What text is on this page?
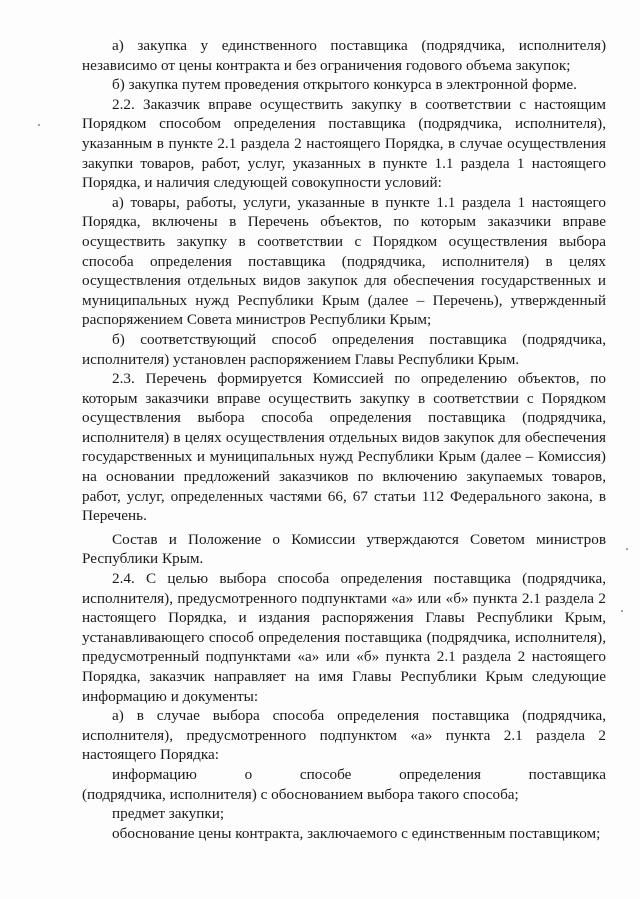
а) закупка у единственного поставщика (подрядчика, исполнителя) независимо от цены контракта и без ограничения годового объема закупок;

б) закупка путем проведения открытого конкурса в электронной форме.

2.2. Заказчик вправе осуществить закупку в соответствии с настоящим Порядком способом определения поставщика (подрядчика, исполнителя), указанным в пункте 2.1 раздела 2 настоящего Порядка, в случае осуществления закупки товаров, работ, услуг, указанных в пункте 1.1 раздела 1 настоящего Порядка, и наличия следующей совокупности условий:

а) товары, работы, услуги, указанные в пункте 1.1 раздела 1 настоящего Порядка, включены в Перечень объектов, по которым заказчики вправе осуществить закупку в соответствии с Порядком осуществления выбора способа определения поставщика (подрядчика, исполнителя) в целях осуществления отдельных видов закупок для обеспечения государственных и муниципальных нужд Республики Крым (далее – Перечень), утвержденный распоряжением Совета министров Республики Крым;

б) соответствующий способ определения поставщика (подрядчика, исполнителя) установлен распоряжением Главы Республики Крым.

2.3. Перечень формируется Комиссией по определению объектов, по которым заказчики вправе осуществить закупку в соответствии с Порядком осуществления выбора способа определения поставщика (подрядчика, исполнителя) в целях осуществления отдельных видов закупок для обеспечения государственных и муниципальных нужд Республики Крым (далее – Комиссия) на основании предложений заказчиков по включению закупаемых товаров, работ, услуг, определенных частями 66, 67 статьи 112 Федерального закона, в Перечень.

Состав и Положение о Комиссии утверждаются Советом министров Республики Крым.

2.4. С целью выбора способа определения поставщика (подрядчика, исполнителя), предусмотренного подпунктами «а» или «б» пункта 2.1 раздела 2 настоящего Порядка, и издания распоряжения Главы Республики Крым, устанавливающего способ определения поставщика (подрядчика, исполнителя), предусмотренный подпунктами «а» или «б» пункта 2.1 раздела 2 настоящего Порядка, заказчик направляет на имя Главы Республики Крым следующие информацию и документы:

а) в случае выбора способа определения поставщика (подрядчика, исполнителя), предусмотренного подпунктом «а» пункта 2.1 раздела 2 настоящего Порядка:

информацию	о	способе	определения	поставщика

(подрядчика, исполнителя) с обоснованием выбора такого способа;

предмет закупки;

обоснование цены контракта, заключаемого с единственным поставщиком;
